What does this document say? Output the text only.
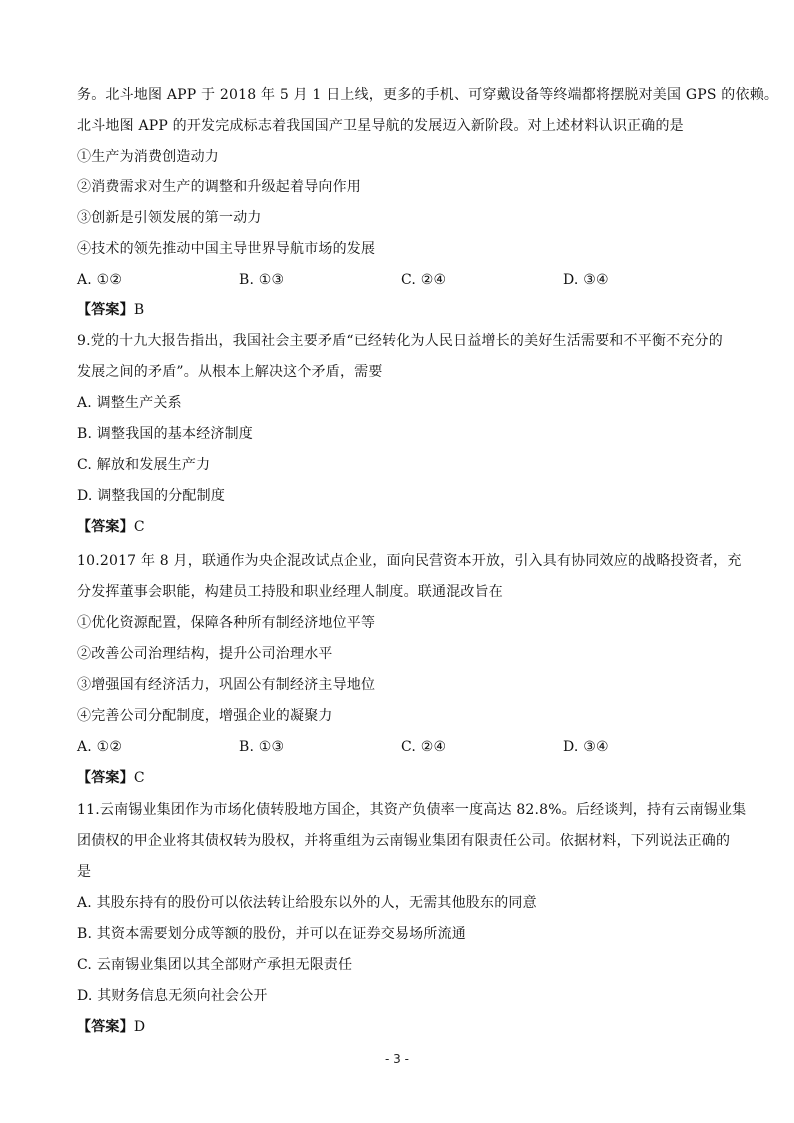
务。北斗地图 APP 于 2018 年 5 月 1 日上线，更多的手机、可穿戴设备等终端都将摆脱对美国 GPS 的依赖。
北斗地图 APP 的开发完成标志着我国国产卫星导航的发展迈入新阶段。对上述材料认识正确的是
①生产为消费创造动力
②消费需求对生产的调整和升级起着导向作用
③创新是引领发展的第一动力
④技术的领先推动中国主导世界导航市场的发展
A. ①②	B. ①③	C. ②④	D. ③④
【答案】B
9.党的十九大报告指出，我国社会主要矛盾“已经转化为人民日益增长的美好生活需要和不平衡不充分的
发展之间的矛盾”。从根本上解决这个矛盾，需要
A. 调整生产关系
B. 调整我国的基本经济制度
C. 解放和发展生产力
D. 调整我国的分配制度
【答案】C
10.2017 年 8 月，联通作为央企混改试点企业，面向民营资本开放，引入具有协同效应的战略投资者，充
分发挥董事会职能，构建员工持股和职业经理人制度。联通混改旨在
①优化资源配置，保障各种所有制经济地位平等
②改善公司治理结构，提升公司治理水平
③增强国有经济活力，巩固公有制经济主导地位
④完善公司分配制度，增强企业的凝聚力
A. ①②	B. ①③	C. ②④	D. ③④
【答案】C
11.云南锡业集团作为市场化债转股地方国企，其资产负债率一度高达 82.8%。后经谈判，持有云南锡业集
团债权的甲企业将其债权转为股权，并将重组为云南锡业集团有限责任公司。依据材料，下列说法正确的
是
A. 其股东持有的股份可以依法转让给股东以外的人，无需其他股东的同意
B. 其资本需要划分成等额的股份，并可以在证券交易场所流通
C. 云南锡业集团以其全部财产承担无限责任
D. 其财务信息无须向社会公开
【答案】D
- 3 -
